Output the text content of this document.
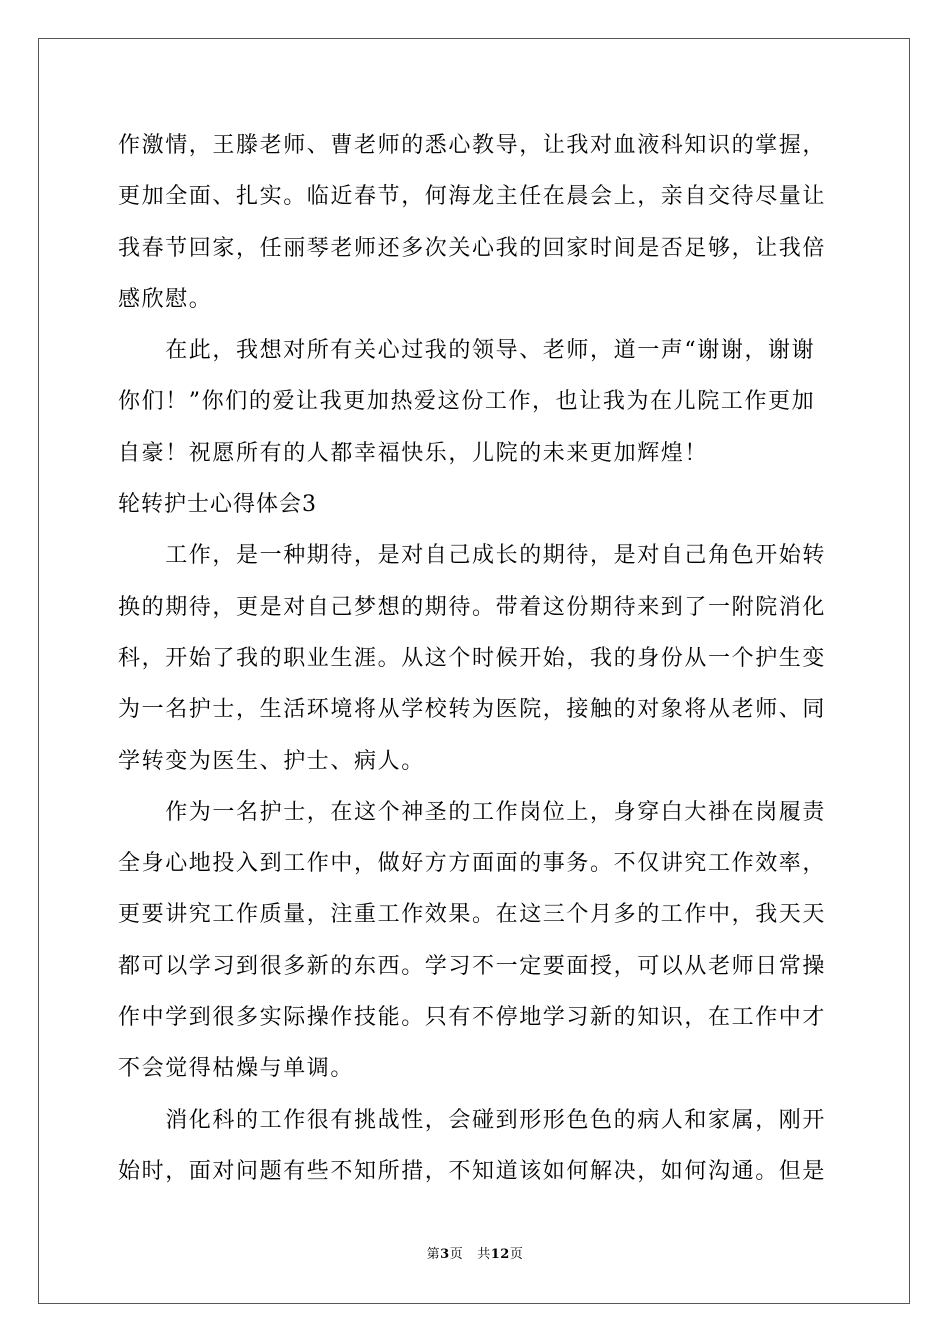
作激情，王滕老师、曹老师的悉心教导，让我对血液科知识的掌握，
更加全面、扎实。临近春节，何海龙主任在晨会上，亲自交待尽量让
我春节回家，任丽琴老师还多次关心我的回家时间是否足够，让我倍
感欣慰。
　　在此，我想对所有关心过我的领导、老师，道一声“谢谢，谢谢
你们！”你们的爱让我更加热爱这份工作，也让我为在儿院工作更加
自豪！祝愿所有的人都幸福快乐，儿院的未来更加辉煌！
轮转护士心得体会3
　　工作，是一种期待，是对自己成长的期待，是对自己角色开始转
换的期待，更是对自己梦想的期待。带着这份期待来到了一附院消化
科，开始了我的职业生涯。从这个时候开始，我的身份从一个护生变
为一名护士，生活环境将从学校转为医院，接触的对象将从老师、同
学转变为医生、护士、病人。
　　作为一名护士，在这个神圣的工作岗位上，身穿白大褂在岗履责
全身心地投入到工作中，做好方方面面的事务。不仅讲究工作效率，
更要讲究工作质量，注重工作效果。在这三个月多的工作中，我天天
都可以学习到很多新的东西。学习不一定要面授，可以从老师日常操
作中学到很多实际操作技能。只有不停地学习新的知识，在工作中才
不会觉得枯燥与单调。
　　消化科的工作很有挑战性，会碰到形形色色的病人和家属，刚开
始时，面对问题有些不知所措，不知道该如何解决，如何沟通。但是
第3页 共12页
